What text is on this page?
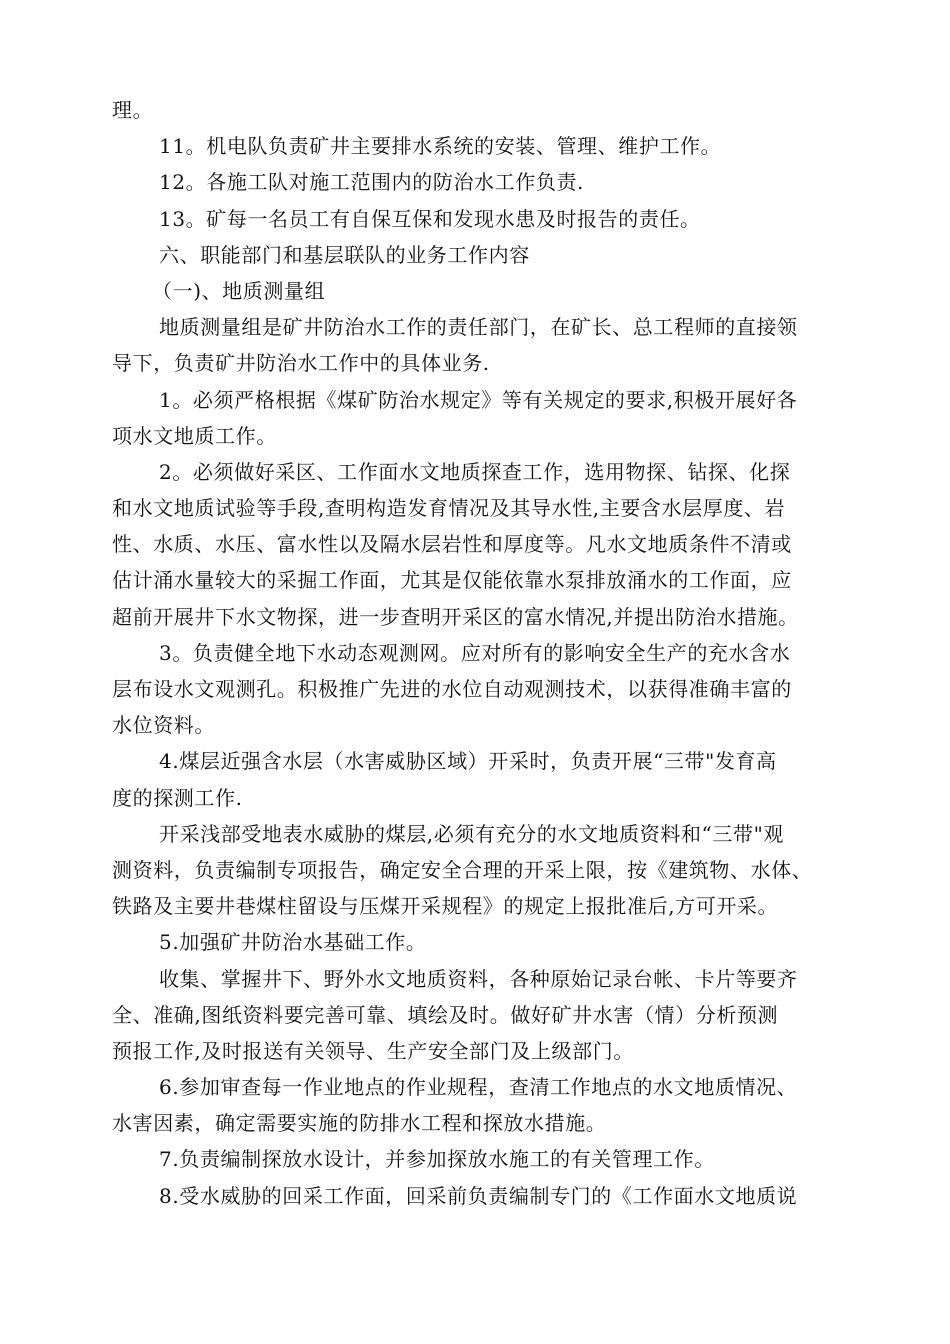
理。
11。机电队负责矿井主要排水系统的安装、管理、维护工作。
12。各施工队对施工范围内的防治水工作负责.
13。矿每一名员工有自保互保和发现水患及时报告的责任。
六、职能部门和基层联队的业务工作内容
（一)、地质测量组
地质测量组是矿井防治水工作的责任部门，在矿长、总工程师的直接领
导下，负责矿井防治水工作中的具体业务.
1。必须严格根据《煤矿防治水规定》等有关规定的要求,积极开展好各
项水文地质工作。
2。必须做好采区、工作面水文地质探查工作，选用物探、钻探、化探
和水文地质试验等手段,查明构造发育情况及其导水性,主要含水层厚度、岩
性、水质、水压、富水性以及隔水层岩性和厚度等。凡水文地质条件不清或
估计涌水量较大的采掘工作面，尤其是仅能依靠水泵排放涌水的工作面，应
超前开展井下水文物探，进一步查明开采区的富水情况,并提出防治水措施。
3。负责健全地下水动态观测网。应对所有的影响安全生产的充水含水
层布设水文观测孔。积极推广先进的水位自动观测技术，以获得准确丰富的
水位资料。
4.煤层近强含水层（水害威胁区域）开采时，负责开展“三带"发育高
度的探测工作.
开采浅部受地表水威胁的煤层,必须有充分的水文地质资料和“三带"观
测资料，负责编制专项报告，确定安全合理的开采上限，按《建筑物、水体、
铁路及主要井巷煤柱留设与压煤开采规程》的规定上报批准后,方可开采。
5.加强矿井防治水基础工作。
收集、掌握井下、野外水文地质资料，各种原始记录台帐、卡片等要齐
全、准确,图纸资料要完善可靠、填绘及时。做好矿井水害（情）分析预测
预报工作,及时报送有关领导、生产安全部门及上级部门。
6.参加审查每一作业地点的作业规程，查清工作地点的水文地质情况、
水害因素，确定需要实施的防排水工程和探放水措施。
7.负责编制探放水设计，并参加探放水施工的有关管理工作。
8.受水威胁的回采工作面，回采前负责编制专门的《工作面水文地质说
